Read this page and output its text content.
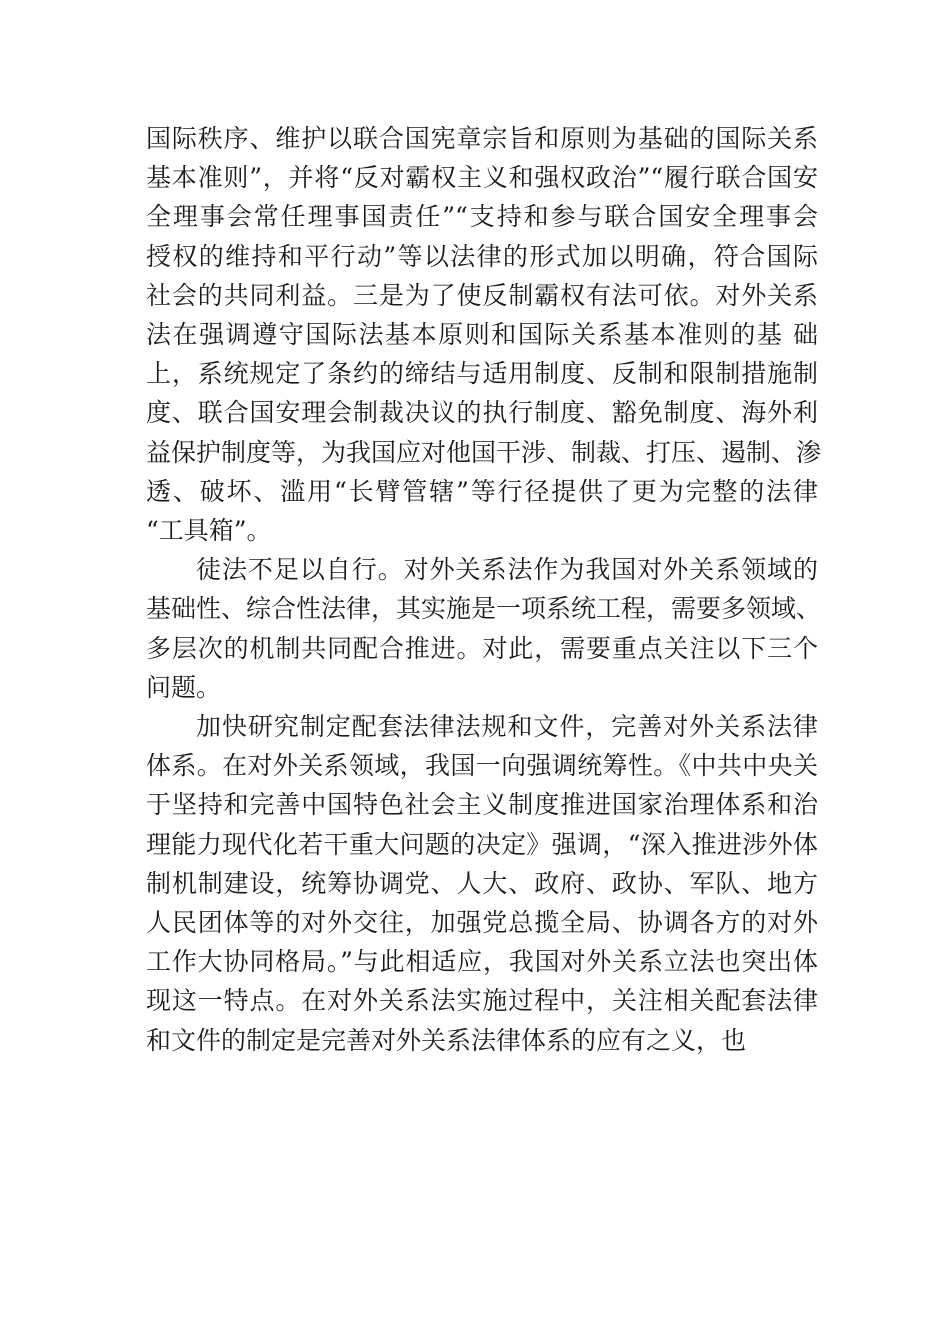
国际秩序、维护以联合国宪章宗旨和原则为基础的国际关系
基本准则”，并将“反对霸权主义和强权政治”“履行联合国安
全理事会常任理事国责任”“支持和参与联合国安全理事会
授权的维持和平行动”等以法律的形式加以明确，符合国际
社会的共同利益。三是为了使反制霸权有法可依。对外关系
法在强调遵守国际法基本原则和国际关系基本准则的基 础
上，系统规定了条约的缔结与适用制度、反制和限制措施制
度、联合国安理会制裁决议的执行制度、豁免制度、海外利
益保护制度等，为我国应对他国干涉、制裁、打压、遏制、渗
透、破坏、滥用“长臂管辖”等行径提供了更为完整的法律
“工具箱”。

徒法不足以自行。对外关系法作为我国对外关系领域的
基础性、综合性法律，其实施是一项系统工程，需要多领域、
多层次的机制共同配合推进。对此，需要重点关注以下三个
问题。

加快研究制定配套法律法规和文件，完善对外关系法律
体系。在对外关系领域，我国一向强调统筹性。《中共中央关
于坚持和完善中国特色社会主义制度推进国家治理体系和治
理能力现代化若干重大问题的决定》强调，“深入推进涉外体
制机制建设，统筹协调党、人大、政府、政协、军队、地方
人民团体等的对外交往，加强党总揽全局、协调各方的对外
工作大协同格局。”与此相适应，我国对外关系立法也突出体
现这一特点。在对外关系法实施过程中，关注相关配套法律
和文件的制定是完善对外关系法律体系的应有之义，也
